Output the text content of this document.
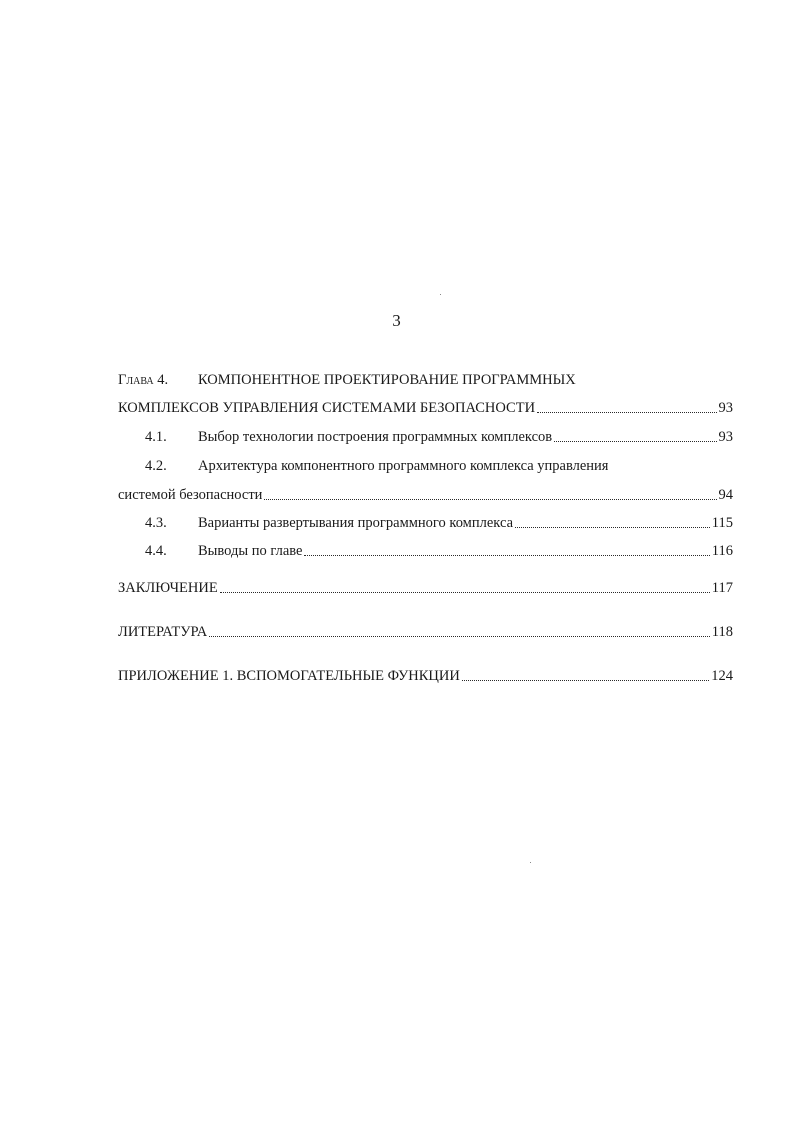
3
Глава 4.	КОМПОНЕНТНОЕ ПРОЕКТИРОВАНИЕ ПРОГРАММНЫХ
КОМПЛЕКСОВ УПРАВЛЕНИЯ СИСТЕМАМИ БЕЗОПАСНОСТИ	93
4.1.	Выбор технологии построения программных комплексов	93
4.2.	Архитектура компонентного программного комплекса управления
системой безопасности	94
4.3.	Варианты развертывания программного комплекса	115
4.4.	Выводы по главе	116
ЗАКЛЮЧЕНИЕ	117
ЛИТЕРАТУРА	118
ПРИЛОЖЕНИЕ 1. ВСПОМОГАТЕЛЬНЫЕ ФУНКЦИИ	124
